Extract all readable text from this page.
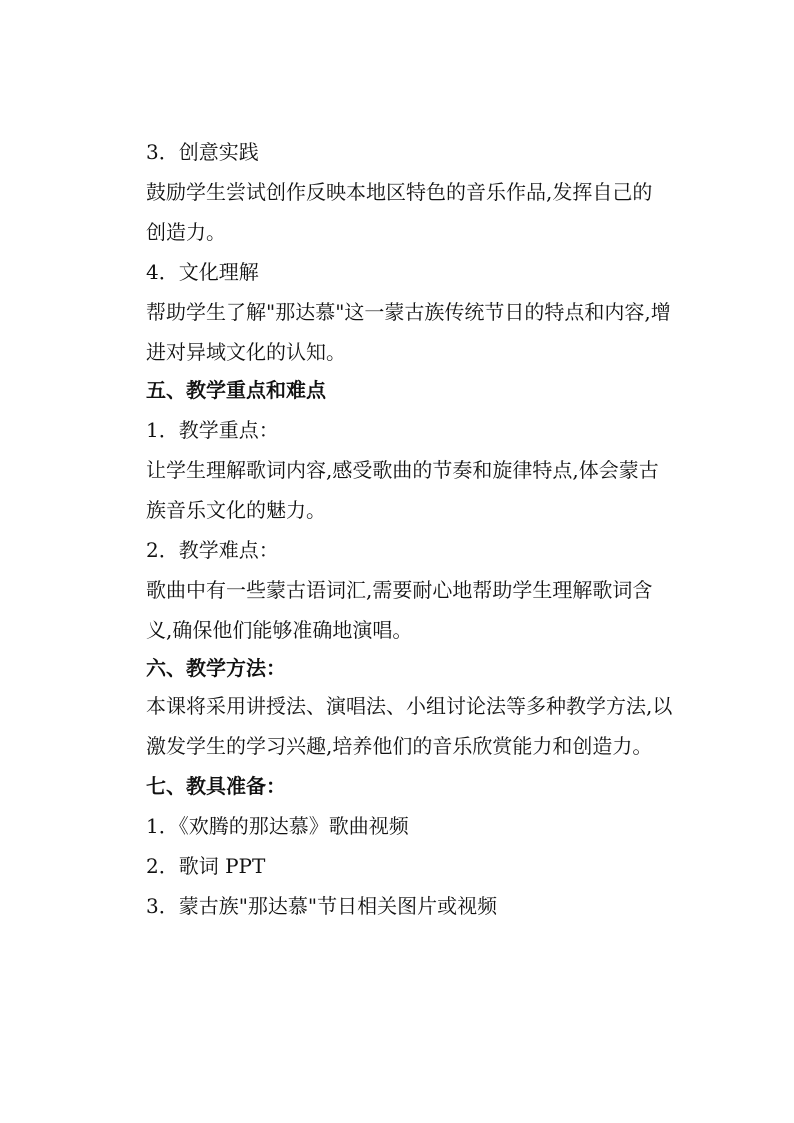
3．创意实践
鼓励学生尝试创作反映本地区特色的音乐作品,发挥自己的
创造力。
4．文化理解
帮助学生了解"那达慕"这一蒙古族传统节日的特点和内容,增
进对异域文化的认知。
五、教学重点和难点
1．教学重点：
让学生理解歌词内容,感受歌曲的节奏和旋律特点,体会蒙古
族音乐文化的魅力。
2．教学难点：
歌曲中有一些蒙古语词汇,需要耐心地帮助学生理解歌词含
义,确保他们能够准确地演唱。
六、教学方法：
本课将采用讲授法、演唱法、小组讨论法等多种教学方法,以
激发学生的学习兴趣,培养他们的音乐欣赏能力和创造力。
七、教具准备：
1．《欢腾的那达慕》歌曲视频
2．歌词 PPT
3．蒙古族"那达慕"节日相关图片或视频
